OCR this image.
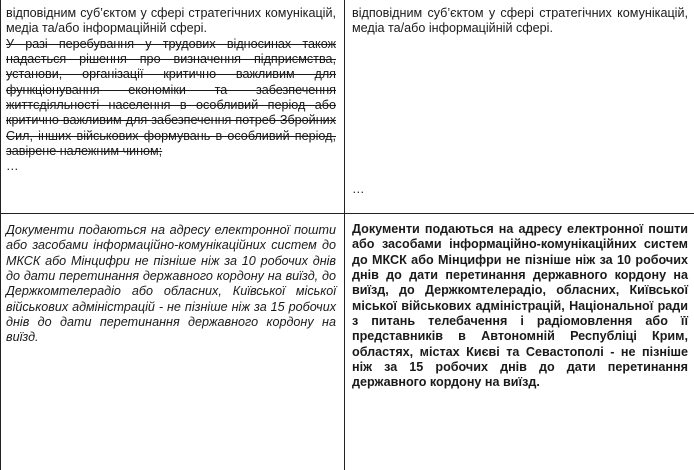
відповідним суб’єктом у сфері стратегічних комунікацій, медіа та/або інформаційній сфері.

У разі перебування у трудових відносинах також надається рішення про визначення підприємства, установи, організації критично важливим для функціонування економіки та забезпечення життєдіяльності населення в особливий період або критично важливим для забезпечення потреб Збройних Сил, інших військових формувань в особливий період, завірене належним чином;

…

відповідним суб’єктом у сфері стратегічних комунікацій, медіа та/або інформаційній сфері.

…

Документи подаються на адресу електронної пошти або засобами інформаційно-комунікаційних систем до МКСК або Мінцифри не пізніше ніж за 10 робочих днів до дати перетинання державного кордону на виїзд, до Держкомтелерадіо або обласних, Київської міської військових адміністрацій - не пізніше ніж за 15 робочих днів до дати перетинання державного кордону на виїзд.

Документи подаються на адресу електронної пошти або засобами інформаційно-комунікаційних систем до МКСК або Мінцифри не пізніше ніж за 10 робочих днів до дати перетинання державного кордону на виїзд, до Держкомтелерадіо, обласних, Київської міської військових адміністрацій, Національної ради з питань телебачення і радіомовлення або її представників в Автономній Республіці Крим, областях, містах Києві та Севастополі - не пізніше ніж за 15 робочих днів до дати перетинання державного кордону на виїзд.
